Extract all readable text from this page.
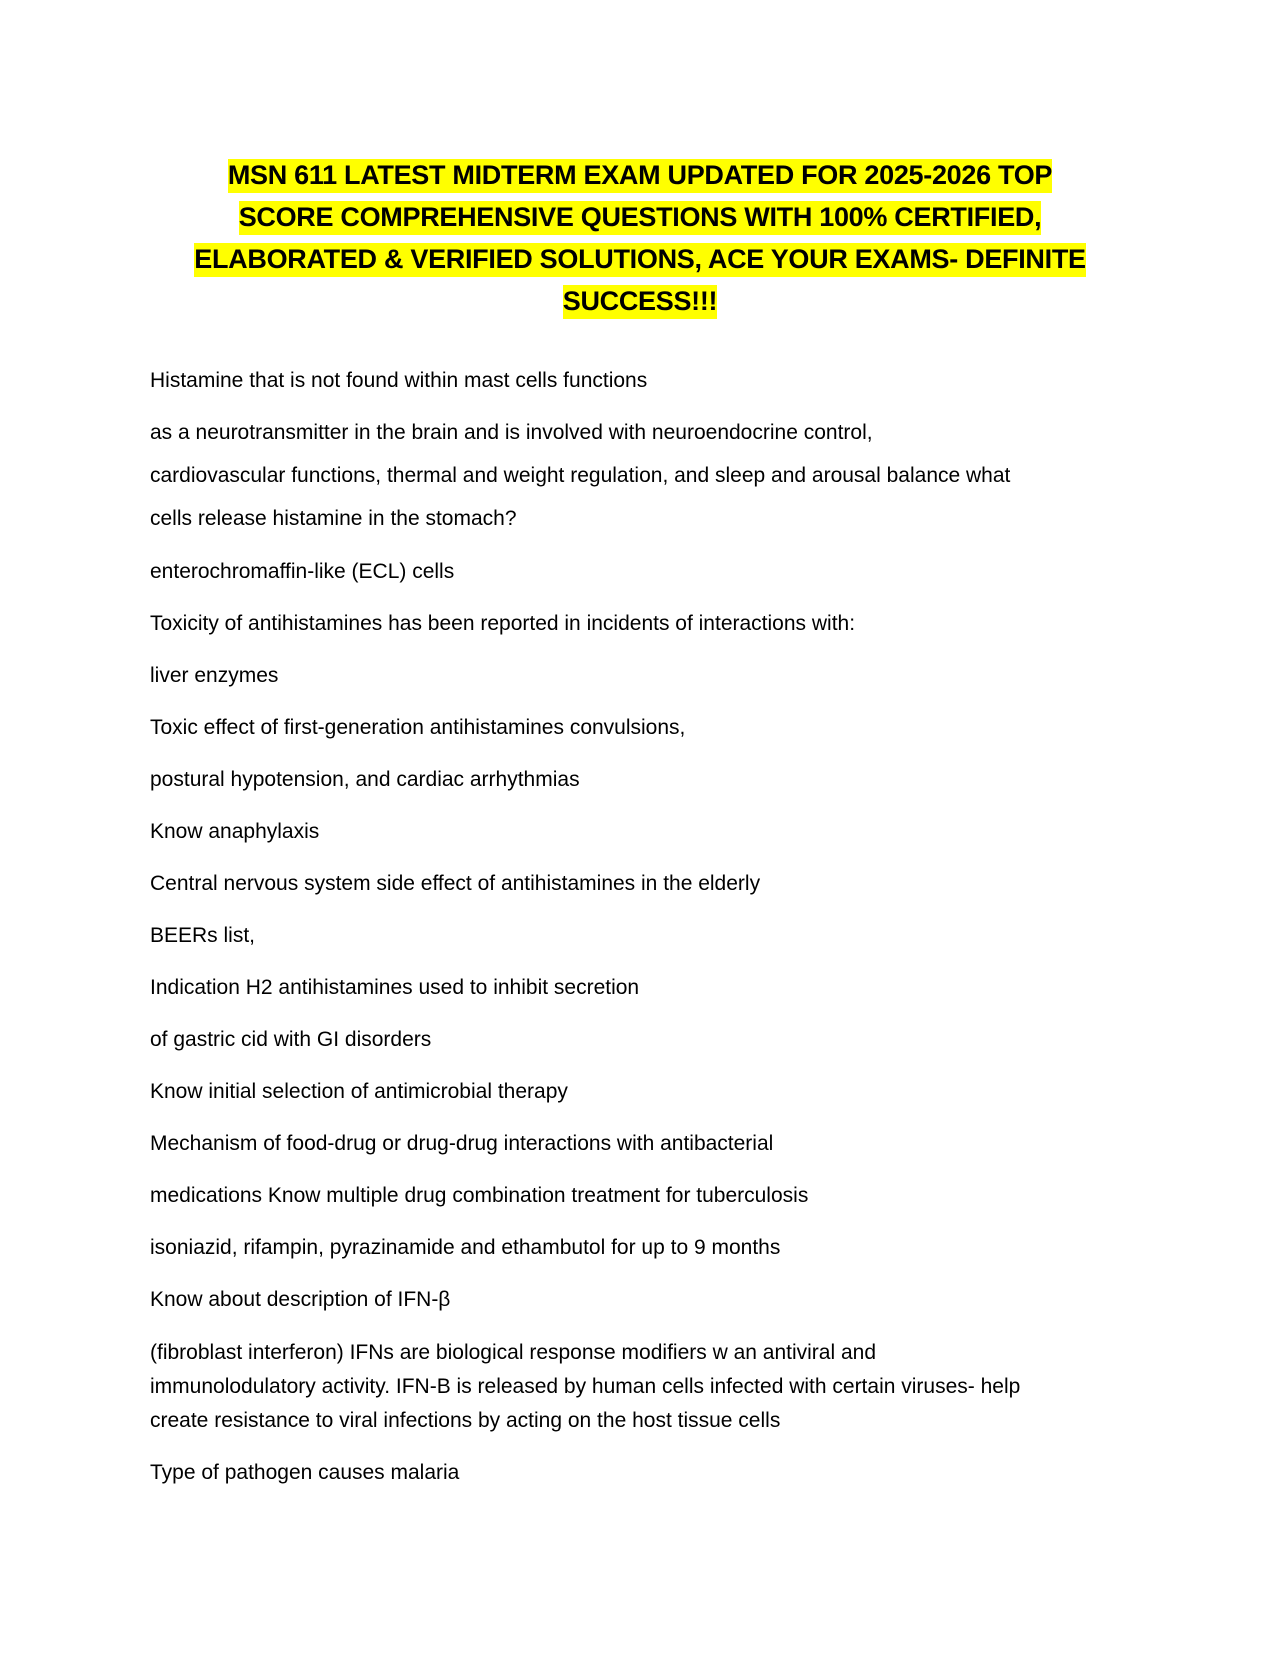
MSN 611 LATEST MIDTERM EXAM UPDATED FOR 2025-2026 TOP
SCORE COMPREHENSIVE QUESTIONS WITH 100% CERTIFIED,
ELABORATED & VERIFIED SOLUTIONS, ACE YOUR EXAMS- DEFINITE
SUCCESS!!!
Histamine that is not found within mast cells functions
as a neurotransmitter in the brain and is involved with neuroendocrine control,
cardiovascular functions, thermal and weight regulation, and sleep and arousal balance what
cells release histamine in the stomach?
enterochromaffin-like (ECL) cells
Toxicity of antihistamines has been reported in incidents of interactions with:
liver enzymes
Toxic effect of first-generation antihistamines convulsions,
postural hypotension, and cardiac arrhythmias
Know anaphylaxis
Central nervous system side effect of antihistamines in the elderly
BEERs list,
Indication H2 antihistamines used to inhibit secretion
of gastric cid with GI disorders
Know initial selection of antimicrobial therapy
Mechanism of food-drug or drug-drug interactions with antibacterial
medications Know multiple drug combination treatment for tuberculosis
isoniazid, rifampin, pyrazinamide and ethambutol for up to 9 months
Know about description of IFN-β
(fibroblast interferon) IFNs are biological response modifiers w an antiviral and
immunolodulatory activity. IFN-B is released by human cells infected with certain viruses- help
create resistance to viral infections by acting on the host tissue cells
Type of pathogen causes malaria
